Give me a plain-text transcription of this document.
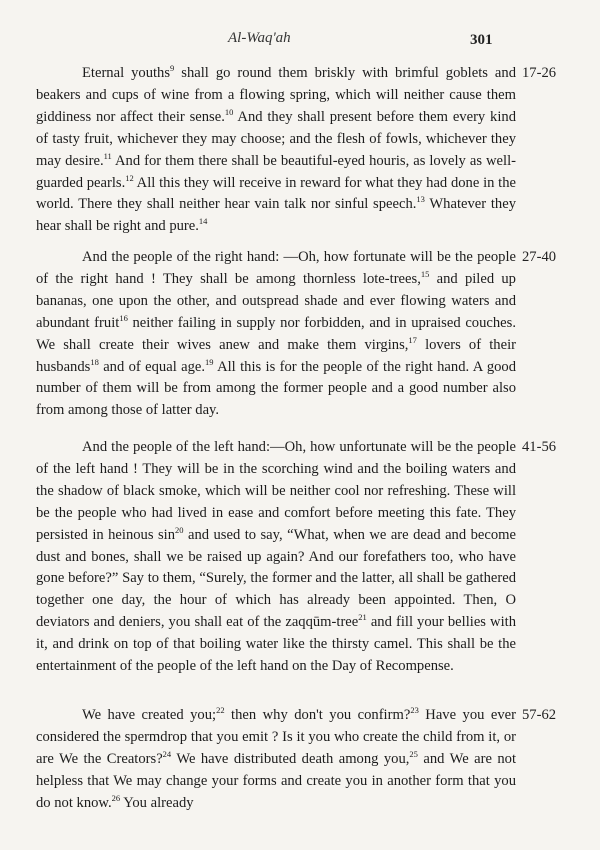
Al-Waq'ah	301

Eternal youths$^9$ shall go round them briskly with brimful goblets and beakers and cups of wine from a flowing spring, which will neither cause them giddiness nor affect their sense.$^{10}$ And they shall present before them every kind of tasty fruit, whichever they may choose; and the flesh of fowls, whichever they may desire.$^{11}$ And for them there shall be beautiful-eyed houris, as lovely as well-guarded pearls.$^{12}$ All this they will receive in reward for what they had done in the world. There they shall neither hear vain talk nor sinful speech.$^{13}$ Whatever they hear shall be right and pure.$^{14}$

17-26

And the people of the right hand: —Oh, how fortunate will be the people of the right hand ! They shall be among thornless lote-trees,$^{15}$ and piled up bananas, one upon the other, and outspread shade and ever flowing waters and abundant fruit$^{16}$ neither failing in supply nor forbidden, and in upraised couches. We shall create their wives anew and make them virgins,$^{17}$ lovers of their husbands$^{18}$ and of equal age.$^{19}$ All this is for the people of the right hand. A good number of them will be from among the former people and a good number also from among those of latter day.

27-40

And the people of the left hand:—Oh, how unfortunate will be the people of the left hand ! They will be in the scorching wind and the boiling waters and the shadow of black smoke, which will be neither cool nor refreshing. These will be the people who had lived in ease and comfort before meeting this fate. They persisted in heinous $\sin^{20}$ and used to say, “What, when we are dead and become dust and bones, shall we be raised up again? And our forefathers too, who have gone before?” Say to them, “Surely, the former and the latter, all shall be gathered together one day, the hour of which has already been appointed. Then, O deviators and deniers, you shall eat of the zaqqūm-tree$^{21}$ and fill your bellies with it, and drink on top of that boiling water like the thirsty camel. This shall be the entertainment of the people of the left hand on the Day of Recompense.

41-56

We have created you;$^{22}$ then why don't you confirm?$^{23}$ Have you ever considered the spermdrop that you emit ? Is it you who create the child from it, or are We the Creators?$^{24}$ We have distributed death among you,$^{25}$ and We are not helpless that We may change your forms and create you in another form that you do not know.$^{26}$ You already

57-62
